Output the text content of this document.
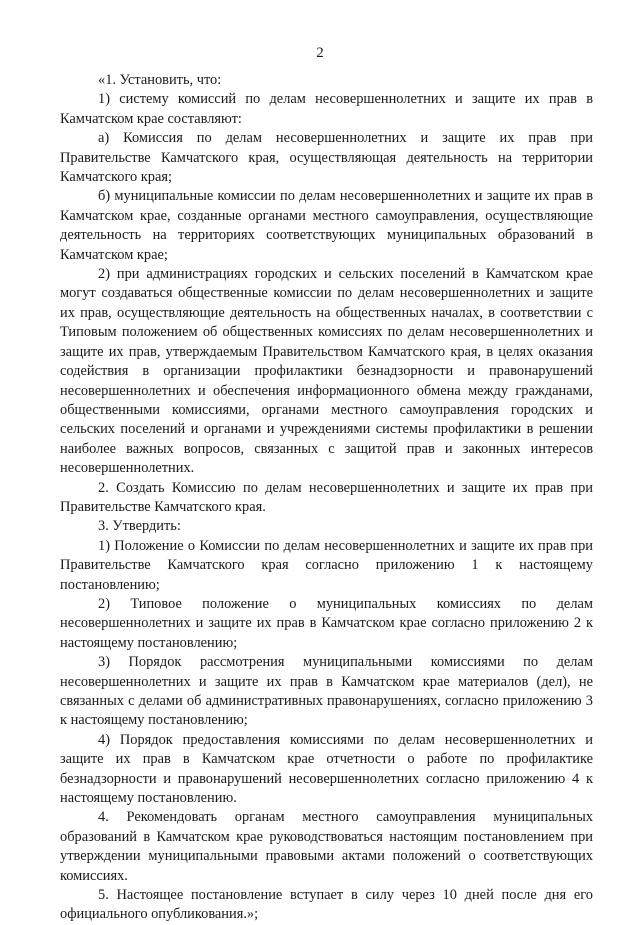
2

«1. Установить, что:

1) систему комиссий по делам несовершеннолетних и защите их прав в Камчатском крае составляют:

а) Комиссия по делам несовершеннолетних и защите их прав при Правительстве Камчатского края, осуществляющая деятельность на территории Камчатского края;

б) муниципальные комиссии по делам несовершеннолетних и защите их прав в Камчатском крае, созданные органами местного самоуправления, осуществляющие деятельность на территориях соответствующих муниципальных образований в Камчатском крае;

2) при администрациях городских и сельских поселений в Камчатском крае могут создаваться общественные комиссии по делам несовершеннолетних и защите их прав, осуществляющие деятельность на общественных началах, в соответствии с Типовым положением об общественных комиссиях по делам несовершеннолетних и защите их прав, утверждаемым Правительством Камчатского края, в целях оказания содействия в организации профилактики безнадзорности и правонарушений несовершеннолетних и обеспечения информационного обмена между гражданами, общественными комиссиями, органами местного самоуправления городских и сельских поселений и органами и учреждениями системы профилактики в решении наиболее важных вопросов, связанных с защитой прав и законных интересов несовершеннолетних.

2. Создать Комиссию по делам несовершеннолетних и защите их прав при Правительстве Камчатского края.

3. Утвердить:

1) Положение о Комиссии по делам несовершеннолетних и защите их прав при Правительстве Камчатского края согласно приложению 1 к настоящему постановлению;

2) Типовое положение о муниципальных комиссиях по делам несовершеннолетних и защите их прав в Камчатском крае согласно приложению 2 к настоящему постановлению;

3) Порядок рассмотрения муниципальными комиссиями по делам несовершеннолетних и защите их прав в Камчатском крае материалов (дел), не связанных с делами об административных правонарушениях, согласно приложению 3 к настоящему постановлению;

4) Порядок предоставления комиссиями по делам несовершеннолетних и защите их прав в Камчатском крае отчетности о работе по профилактике безнадзорности и правонарушений несовершеннолетних согласно приложению 4 к настоящему постановлению.

4. Рекомендовать органам местного самоуправления муниципальных образований в Камчатском крае руководствоваться настоящим постановлением при утверждении муниципальными правовыми актами положений о соответствующих комиссиях.

5. Настоящее постановление вступает в силу через 10 дней после дня его официального опубликования.»;
